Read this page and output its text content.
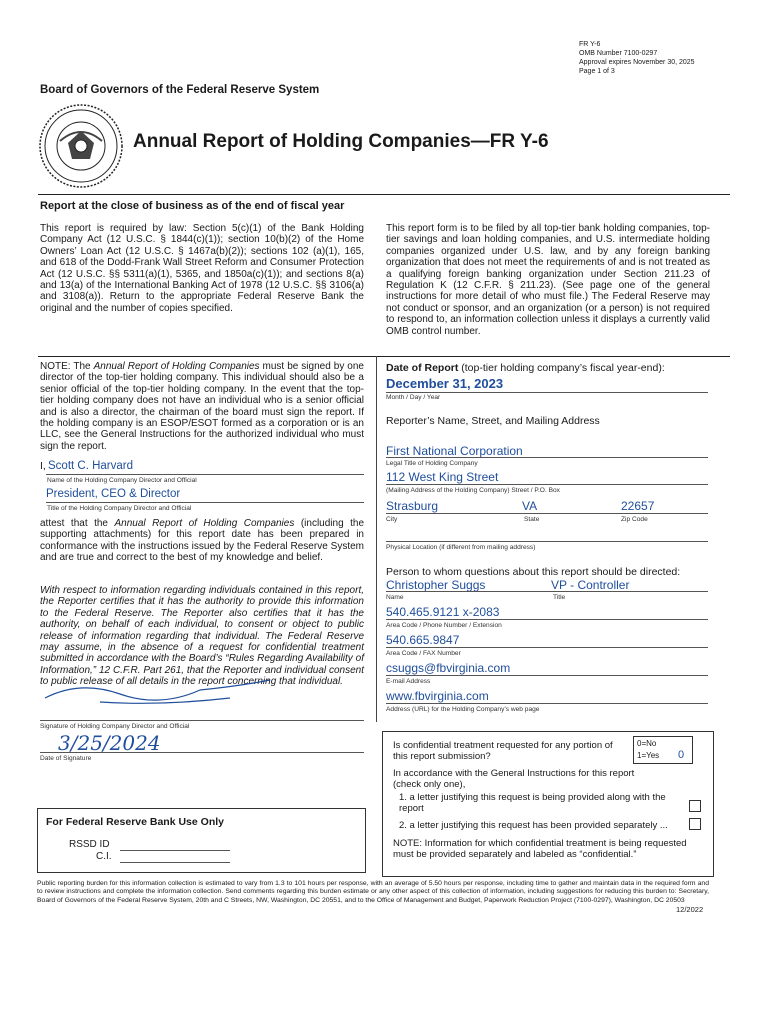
FR Y-6
OMB Number 7100-0297
Approval expires November 30, 2025
Page 1 of 3
Board of Governors of the Federal Reserve System
Annual Report of Holding Companies—FR Y-6
Report at the close of business as of the end of fiscal year
This report is required by law: Section 5(c)(1) of the Bank Holding Company Act (12 U.S.C. § 1844(c)(1)); section 10(b)(2) of the Home Owners’ Loan Act (12 U.S.C. § 1467a(b)(2)); sections 102 (a)(1), 165, and 618 of the Dodd-Frank Wall Street Reform and Consumer Protection Act (12 U.S.C. §§ 5311(a)(1), 5365, and 1850a(c)(1)); and sections 8(a) and 13(a) of the International Banking Act of 1978 (12 U.S.C. §§ 3106(a) and 3108(a)). Return to the appropriate Federal Reserve Bank the original and the number of copies specified.
This report form is to be filed by all top-tier bank holding companies, top-tier savings and loan holding companies, and U.S. intermediate holding companies organized under U.S. law, and by any foreign banking organization that does not meet the requirements of and is not treated as a qualifying foreign banking organization under Section 211.23 of Regulation K (12 C.F.R. § 211.23). (See page one of the general instructions for more detail of who must file.) The Federal Reserve may not conduct or sponsor, and an organization (or a person) is not required to respond to, an information collection unless it displays a currently valid OMB control number.
NOTE: The Annual Report of Holding Companies must be signed by one director of the top-tier holding company. This individual should also be a senior official of the top-tier holding company. In the event that the top-tier holding company does not have an individual who is a senior official and is also a director, the chairman of the board must sign the report. If the holding company is an ESOP/ESOT formed as a corporation or is an LLC, see the General Instructions for the authorized individual who must sign the report.
I, Scott C. Harvard
Name of the Holding Company Director and Official
President, CEO & Director
Title of the Holding Company Director and Official
attest that the Annual Report of Holding Companies (including the supporting attachments) for this report date has been prepared in conformance with the instructions issued by the Federal Reserve System and are true and correct to the best of my knowledge and belief.
With respect to information regarding individuals contained in this report, the Reporter certifies that it has the authority to provide this information to the Federal Reserve. The Reporter also certifies that it has the authority, on behalf of each individual, to consent or object to public release of information regarding that individual. The Federal Reserve may assume, in the absence of a request for confidential treatment submitted in accordance with the Board’s “Rules Regarding Availability of Information,” 12 C.F.R. Part 261, that the Reporter and individual consent to public release of all details in the report concerning that individual.
Signature of Holding Company Director and Official
3/25/2024
Date of Signature
For Federal Reserve Bank Use Only
RSSD ID
C.I.
Date of Report (top-tier holding company’s fiscal year-end):
December 31, 2023
Month / Day / Year
Reporter’s Name, Street, and Mailing Address
First National Corporation
Legal Title of Holding Company
112 West King Street
(Mailing Address of the Holding Company) Street / P.O. Box
Strasburg	VA	22657
City	State	Zip Code
Physical Location (if different from mailing address)
Person to whom questions about this report should be directed:
Christopher Suggs	VP - Controller
Name	Title
540.465.9121 x-2083
Area Code / Phone Number / Extension
540.665.9847
Area Code / FAX Number
csuggs@fbvirginia.com
E-mail Address
www.fbvirginia.com
Address (URL) for the Holding Company’s web page
Is confidential treatment requested for any portion of this report submission?
0=No
1=Yes 0
In accordance with the General Instructions for this report (check only one),
1. a letter justifying this request is being provided along with the report
2. a letter justifying this request has been provided separately ...
NOTE: Information for which confidential treatment is being requested must be provided separately and labeled as “confidential.”
Public reporting burden for this information collection is estimated to vary from 1.3 to 101 hours per response, with an average of 5.50 hours per response, including time to gather and maintain data in the required form and to review instructions and complete the information collection. Send comments regarding this burden estimate or any other aspect of this collection of information, including suggestions for reducing this burden to: Secretary, Board of Governors of the Federal Reserve System, 20th and C Streets, NW, Washington, DC 20551, and to the Office of Management and Budget, Paperwork Reduction Project (7100-0297), Washington, DC 20503
12/2022
